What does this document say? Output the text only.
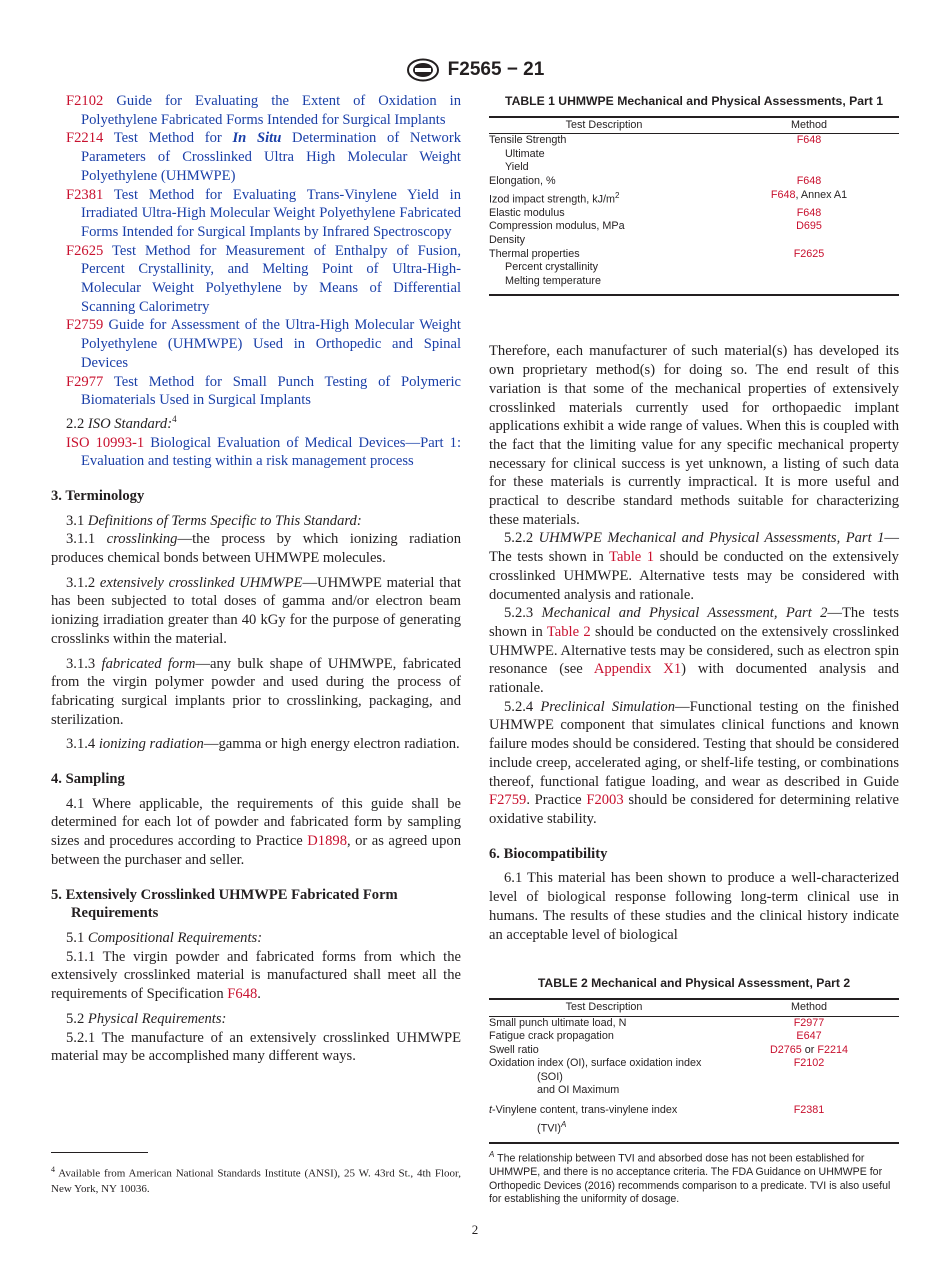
F2565 − 21

F2102 Guide for Evaluating the Extent of Oxidation in Polyethylene Fabricated Forms Intended for Surgical Implants

F2214 Test Method for In Situ Determination of Network Parameters of Crosslinked Ultra High Molecular Weight Polyethylene (UHMWPE)

F2381 Test Method for Evaluating Trans-Vinylene Yield in Irradiated Ultra-High Molecular Weight Polyethylene Fabricated Forms Intended for Surgical Implants by Infrared Spectroscopy

F2625 Test Method for Measurement of Enthalpy of Fusion, Percent Crystallinity, and Melting Point of Ultra-High-Molecular Weight Polyethylene by Means of Differential Scanning Calorimetry

F2759 Guide for Assessment of the Ultra-High Molecular Weight Polyethylene (UHMWPE) Used in Orthopedic and Spinal Devices

F2977 Test Method for Small Punch Testing of Polymeric Biomaterials Used in Surgical Implants

2.2 ISO Standard:$^4$

ISO 10993-1 Biological Evaluation of Medical Devices—Part 1: Evaluation and testing within a risk management process

3. Terminology

3.1 Definitions of Terms Specific to This Standard:

3.1.1 crosslinking—the process by which ionizing radiation produces chemical bonds between UHMWPE molecules.

3.1.2 extensively crosslinked UHMWPE—UHMWPE material that has been subjected to total doses of gamma and/or electron beam ionizing irradiation greater than 40 kGy for the purpose of generating crosslinks within the material.

3.1.3 fabricated form—any bulk shape of UHMWPE, fabricated from the virgin polymer powder and used during the process of fabricating surgical implants prior to crosslinking, packaging, and sterilization.

3.1.4 ionizing radiation—gamma or high energy electron radiation.

4. Sampling

4.1 Where applicable, the requirements of this guide shall be determined for each lot of powder and fabricated form by sampling sizes and procedures according to Practice D1898, or as agreed upon between the purchaser and seller.

5. Extensively Crosslinked UHMWPE Fabricated Form Requirements

5.1 Compositional Requirements:

5.1.1 The virgin powder and fabricated forms from which the extensively crosslinked material is manufactured shall meet all the requirements of Specification F648.

5.2 Physical Requirements:

5.2.1 The manufacture of an extensively crosslinked UHMWPE material may be accomplished many different ways.

TABLE 1 UHMWPE Mechanical and Physical Assessments, Part 1
Test Description	Method
Tensile Strength	F648
Ultimate	
Yield	
Elongation, %	F648
Izod impact strength, $kJ/m^2$	F648, Annex A1
Elastic modulus	F648
Compression modulus, MPa	D695
Density	
Thermal properties	F2625
Percent crystallinity	
Melting temperature	

Therefore, each manufacturer of such material(s) has developed its own proprietary method(s) for doing so. The end result of this variation is that some of the mechanical properties of extensively crosslinked materials currently used for orthopaedic implant applications exhibit a wide range of values. When this is coupled with the fact that the limiting value for any specific mechanical property necessary for clinical success is yet unknown, a listing of such data for these materials is currently impractical. It is more useful and practical to describe standard methods suitable for characterizing these materials.

5.2.2 UHMWPE Mechanical and Physical Assessments, Part 1—The tests shown in Table 1 should be conducted on the extensively crosslinked UHMWPE. Alternative tests may be considered with documented analysis and rationale.

5.2.3 Mechanical and Physical Assessment, Part 2—The tests shown in Table 2 should be conducted on the extensively crosslinked UHMWPE. Alternative tests may be considered, such as electron spin resonance (see Appendix X1) with documented analysis and rationale.

5.2.4 Preclinical Simulation—Functional testing on the finished UHMWPE component that simulates clinical functions and known failure modes should be considered. Testing that should be considered include creep, accelerated aging, or shelf-life testing, or combinations thereof, functional fatigue loading, and wear as described in Guide F2759. Practice F2003 should be considered for determining relative oxidative stability.

6. Biocompatibility

6.1 This material has been shown to produce a well-characterized level of biological response following long-term clinical use in humans. The results of these studies and the clinical history indicate an acceptable level of biological

TABLE 2 Mechanical and Physical Assessment, Part 2
Test Description	Method
Small punch ultimate load, N	F2977
Fatigue crack propagation	E647
Swell ratio	D2765 or F2214
Oxidation index (OI), surface oxidation index	F2102
(SOI)	
and OI Maximum	
t-Vinylene content, trans-vinylene index	F2381
(TVI)$^A$	

$^A$ The relationship between TVI and absorbed dose has not been established for UHMWPE, and there is no acceptance criteria. The FDA Guidance on UHMWPE for Orthopedic Devices (2016) recommends comparison to a predicate. TVI is also useful for establishing the uniformity of dosage.

$^4$ Available from American National Standards Institute (ANSI), 25 W. 43rd St., 4th Floor, New York, NY 10036.

2
